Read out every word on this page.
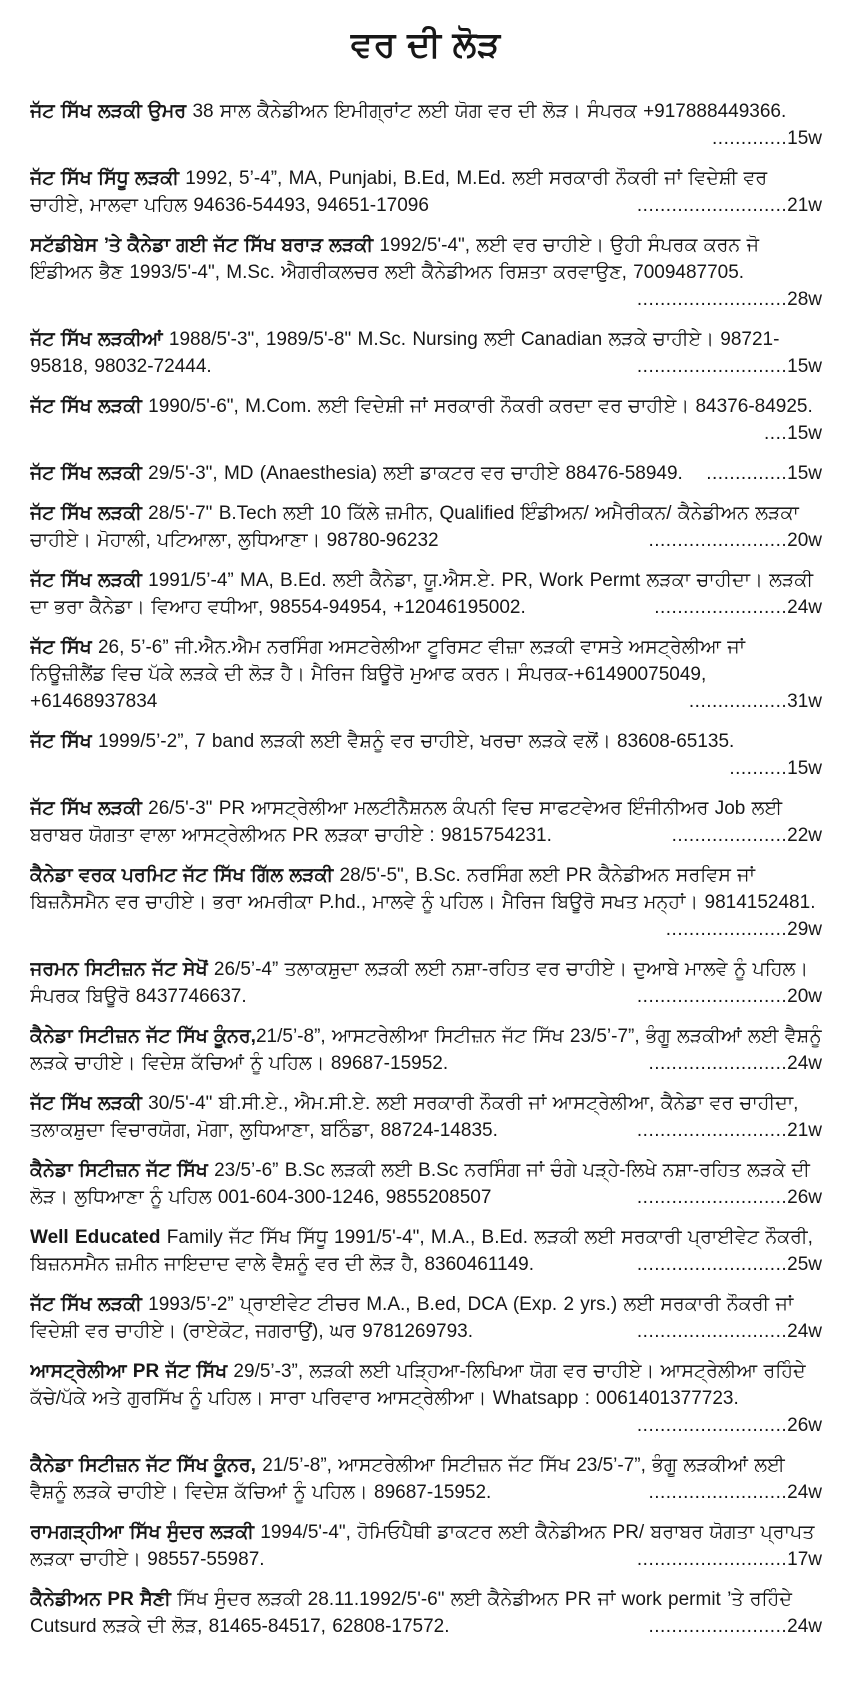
ਵਰ ਦੀ ਲੋੜ

ਜੱਟ ਸਿੱਖ ਲੜਕੀ ਉਮਰ 38 ਸਾਲ ਕੈਨੇਡੀਅਨ ਇਮੀਗ੍ਰਾਂਟ ਲਈ ਯੋਗ ਵਰ ਦੀ ਲੋੜ। ਸੰਪਰਕ +917888449366.
.............15w

ਜੱਟ ਸਿੱਖ ਸਿੱਧੂ ਲੜਕੀ 1992, 5’-4”, MA, Punjabi, B.Ed, M.Ed. ਲਈ ਸਰਕਾਰੀ ਨੌਕਰੀ ਜਾਂ ਵਿਦੇਸ਼ੀ ਵਰ ਚਾਹੀਏ, ਮਾਲਵਾ ਪਹਿਲ 94636-54493, 94651-17096	..........................21w

ਸਟੱਡੀਬੇਸ ’ਤੇ ਕੈਨੇਡਾ ਗਈ ਜੱਟ ਸਿੱਖ ਬਰਾੜ ਲੜਕੀ 1992/5'-4", ਲਈ ਵਰ ਚਾਹੀਏ। ਉਹੀ ਸੰਪਰਕ ਕਰਨ ਜੋ ਇੰਡੀਅਨ ਭੈਣ 1993/5'-4", M.Sc. ਐਗਰੀਕਲਚਰ ਲਈ ਕੈਨੇਡੀਅਨ ਰਿਸ਼ਤਾ ਕਰਵਾਉਣ, 7009487705.
..........................28w

ਜੱਟ ਸਿੱਖ ਲੜਕੀਆਂ 1988/5'-3", 1989/5'-8" M.Sc. Nursing ਲਈ Canadian ਲੜਕੇ ਚਾਹੀਏ। 98721-95818, 98032-72444.	..........................15w

ਜੱਟ ਸਿੱਖ ਲੜਕੀ 1990/5'-6", M.Com. ਲਈ ਵਿਦੇਸ਼ੀ ਜਾਂ ਸਰਕਾਰੀ ਨੌਕਰੀ ਕਰਦਾ ਵਰ ਚਾਹੀਏ। 84376-84925.
....15w

ਜੱਟ ਸਿੱਖ ਲੜਕੀ 29/5'-3", MD (Anaesthesia) ਲਈ ਡਾਕਟਰ ਵਰ ਚਾਹੀਏ 88476-58949.	..............15w

ਜੱਟ ਸਿੱਖ ਲੜਕੀ 28/5'-7" B.Tech ਲਈ 10 ਕਿੱਲੇ ਜ਼ਮੀਨ, Qualified ਇੰਡੀਅਨ/ ਅਮੈਰੀਕਨ/ ਕੈਨੇਡੀਅਨ ਲੜਕਾ ਚਾਹੀਏ। ਮੋਹਾਲੀ, ਪਟਿਆਲਾ, ਲੁਧਿਆਣਾ। 98780-96232	........................20w

ਜੱਟ ਸਿੱਖ ਲੜਕੀ 1991/5’-4” MA, B.Ed. ਲਈ ਕੈਨੇਡਾ, ਯੂ.ਐਸ.ਏ. PR, Work Permt ਲੜਕਾ ਚਾਹੀਦਾ। ਲੜਕੀ ਦਾ ਭਰਾ ਕੈਨੇਡਾ। ਵਿਆਹ ਵਧੀਆ, 98554-94954, +12046195002.	.......................24w

ਜੱਟ ਸਿੱਖ 26, 5’-6” ਜੀ.ਐਨ.ਐਮ ਨਰਸਿੰਗ ਅਸਟਰੇਲੀਆ ਟੂਰਿਸਟ ਵੀਜ਼ਾ ਲੜਕੀ ਵਾਸਤੇ ਅਸਟ੍ਰੇਲੀਆ ਜਾਂ ਨਿਊਜ਼ੀਲੈਂਡ ਵਿਚ ਪੱਕੇ ਲੜਕੇ ਦੀ ਲੋੜ ਹੈ। ਮੈਰਿਜ ਬਿਊਰੋ ਮੁਆਫ ਕਰਨ। ਸੰਪਰਕ-+61490075049, +61468937834	.................31w

ਜੱਟ ਸਿੱਖ 1999/5’-2”, 7 band ਲੜਕੀ ਲਈ ਵੈਸ਼ਨੂੰ ਵਰ ਚਾਹੀਏ, ਖਰਚਾ ਲੜਕੇ ਵਲੋਂ। 83608-65135.
..........15w

ਜੱਟ ਸਿੱਖ ਲੜਕੀ 26/5'-3" PR ਆਸਟ੍ਰੇਲੀਆ ਮਲਟੀਨੈਸ਼ਨਲ ਕੰਪਨੀ ਵਿਚ ਸਾਫਟਵੇਅਰ ਇੰਜੀਨੀਅਰ Job ਲਈ ਬਰਾਬਰ ਯੋਗਤਾ ਵਾਲਾ ਆਸਟ੍ਰੇਲੀਅਨ PR ਲੜਕਾ ਚਾਹੀਏ : 9815754231.	....................22w

ਕੈਨੇਡਾ ਵਰਕ ਪਰਮਿਟ ਜੱਟ ਸਿੱਖ ਗਿੱਲ ਲੜਕੀ 28/5'-5", B.Sc. ਨਰਸਿੰਗ ਲਈ PR ਕੈਨੇਡੀਅਨ ਸਰਵਿਸ ਜਾਂ ਬਿਜ਼ਨੈਸਮੈਨ ਵਰ ਚਾਹੀਏ। ਭਰਾ ਅਮਰੀਕਾ P.hd., ਮਾਲਵੇ ਨੂੰ ਪਹਿਲ। ਮੈਰਿਜ ਬਿਊਰੋ ਸਖਤ ਮਨ੍ਹਾਂ। 9814152481.
.....................29w

ਜਰਮਨ ਸਿਟੀਜ਼ਨ ਜੱਟ ਸੇਖੋਂ 26/5’-4” ਤਲਾਕਸ਼ੁਦਾ ਲੜਕੀ ਲਈ ਨਸ਼ਾ-ਰਹਿਤ ਵਰ ਚਾਹੀਏ। ਦੁਆਬੇ ਮਾਲਵੇ ਨੂੰ ਪਹਿਲ। ਸੰਪਰਕ ਬਿਊਰੋ 8437746637.	..........................20w

ਕੈਨੇਡਾ ਸਿਟੀਜ਼ਨ ਜੱਟ ਸਿੱਖ ਕੂੰਨਰ,21/5’-8”, ਆਸਟਰੇਲੀਆ ਸਿਟੀਜ਼ਨ ਜੱਟ ਸਿੱਖ 23/5’-7”, ਭੰਗੂ ਲੜਕੀਆਂ ਲਈ ਵੈਸ਼ਨੂੰ ਲੜਕੇ ਚਾਹੀਏ। ਵਿਦੇਸ਼ ਕੱਚਿਆਂ ਨੂੰ ਪਹਿਲ। 89687-15952.	........................24w

ਜੱਟ ਸਿੱਖ ਲੜਕੀ 30/5'-4" ਬੀ.ਸੀ.ਏ., ਐਮ.ਸੀ.ਏ. ਲਈ ਸਰਕਾਰੀ ਨੌਕਰੀ ਜਾਂ ਆਸਟ੍ਰੇਲੀਆ, ਕੈਨੇਡਾ ਵਰ ਚਾਹੀਦਾ, ਤਲਾਕਸ਼ੁਦਾ ਵਿਚਾਰਯੋਗ, ਮੋਗਾ, ਲੁਧਿਆਣਾ, ਬਠਿੰਡਾ, 88724-14835.	..........................21w

ਕੈਨੇਡਾ ਸਿਟੀਜ਼ਨ ਜੱਟ ਸਿੱਖ 23/5’-6” B.Sc ਲੜਕੀ ਲਈ B.Sc ਨਰਸਿੰਗ ਜਾਂ ਚੰਗੇ ਪੜ੍ਹੇ-ਲਿਖੇ ਨਸ਼ਾ-ਰਹਿਤ ਲੜਕੇ ਦੀ ਲੋੜ। ਲੁਧਿਆਣਾ ਨੂੰ ਪਹਿਲ 001-604-300-1246, 9855208507	..........................26w

Well Educated Family ਜੱਟ ਸਿੱਖ ਸਿੱਧੂ 1991/5'-4", M.A., B.Ed. ਲੜਕੀ ਲਈ ਸਰਕਾਰੀ ਪ੍ਰਾਈਵੇਟ ਨੌਕਰੀ, ਬਿਜ਼ਨਸਮੈਨ ਜ਼ਮੀਨ ਜਾਇਦਾਦ ਵਾਲੇ ਵੈਸ਼ਨੂੰ ਵਰ ਦੀ ਲੋੜ ਹੈ, 8360461149.	..........................25w

ਜੱਟ ਸਿੱਖ ਲੜਕੀ 1993/5’-2” ਪ੍ਰਾਈਵੇਟ ਟੀਚਰ M.A., B.ed, DCA (Exp. 2 yrs.) ਲਈ ਸਰਕਾਰੀ ਨੌਕਰੀ ਜਾਂ ਵਿਦੇਸ਼ੀ ਵਰ ਚਾਹੀਏ। (ਰਾਏਕੋਟ, ਜਗਰਾਉਂ), ਘਰ 9781269793.	..........................24w

ਆਸਟ੍ਰੇਲੀਆ PR ਜੱਟ ਸਿੱਖ 29/5’-3”, ਲੜਕੀ ਲਈ ਪੜ੍ਹਿਆ-ਲਿਖਿਆ ਯੋਗ ਵਰ ਚਾਹੀਏ। ਆਸਟ੍ਰੇਲੀਆ ਰਹਿੰਦੇ ਕੱਚੇ/ਪੱਕੇ ਅਤੇ ਗੁਰਸਿੱਖ ਨੂੰ ਪਹਿਲ। ਸਾਰਾ ਪਰਿਵਾਰ ਆਸਟ੍ਰੇਲੀਆ। Whatsapp : 0061401377723.
..........................26w

ਕੈਨੇਡਾ ਸਿਟੀਜ਼ਨ ਜੱਟ ਸਿੱਖ ਕੂੰਨਰ, 21/5’-8”, ਆਸਟਰੇਲੀਆ ਸਿਟੀਜ਼ਨ ਜੱਟ ਸਿੱਖ 23/5’-7”, ਭੰਗੂ ਲੜਕੀਆਂ ਲਈ ਵੈਸ਼ਨੂੰ ਲੜਕੇ ਚਾਹੀਏ। ਵਿਦੇਸ਼ ਕੱਚਿਆਂ ਨੂੰ ਪਹਿਲ। 89687-15952.	........................24w

ਰਾਮਗੜ੍ਹੀਆ ਸਿੱਖ ਸੁੰਦਰ ਲੜਕੀ 1994/5'-4", ਹੋਮਿਓਪੈਥੀ ਡਾਕਟਰ ਲਈ ਕੈਨੇਡੀਅਨ PR/ ਬਰਾਬਰ ਯੋਗਤਾ ਪ੍ਰਾਪਤ ਲੜਕਾ ਚਾਹੀਏ। 98557-55987.	..........................17w

ਕੈਨੇਡੀਅਨ PR ਸੈਣੀ ਸਿੱਖ ਸੁੰਦਰ ਲੜਕੀ 28.11.1992/5'-6" ਲਈ ਕੈਨੇਡੀਅਨ PR ਜਾਂ work permit ’ਤੇ ਰਹਿੰਦੇ Cutsurd ਲੜਕੇ ਦੀ ਲੋੜ, 81465-84517, 62808-17572.	........................24w
